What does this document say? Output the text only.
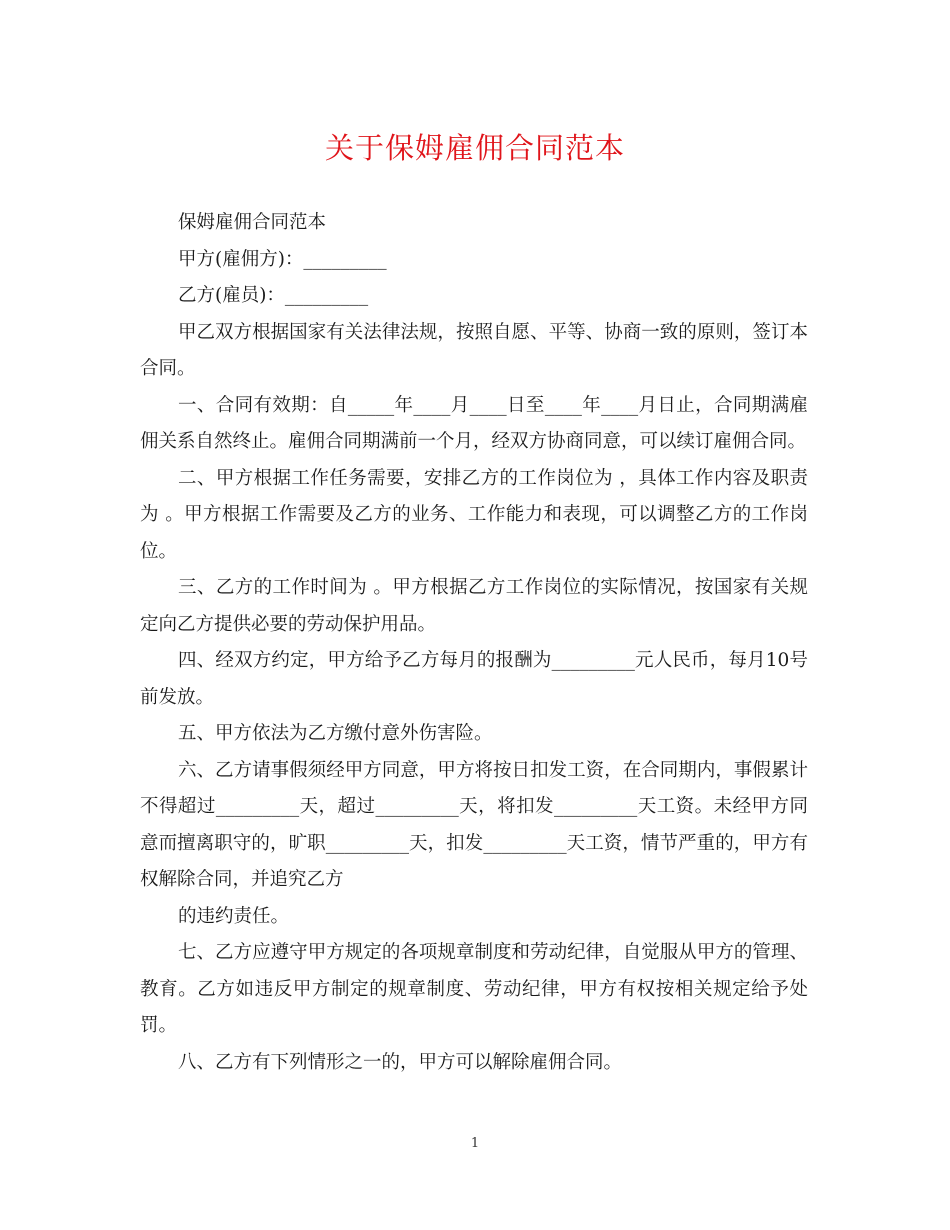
关于保姆雇佣合同范本

保姆雇佣合同范本

甲方(雇佣方)：_________

乙方(雇员)：_________

甲乙双方根据国家有关法律法规，按照自愿、平等、协商一致的原则，签订本合同。

一、合同有效期：自_____年____月____日至____年____月日止，合同期满雇佣关系自然终止。雇佣合同期满前一个月，经双方协商同意，可以续订雇佣合同。

二、甲方根据工作任务需要，安排乙方的工作岗位为 ，具体工作内容及职责为 。甲方根据工作需要及乙方的业务、工作能力和表现，可以调整乙方的工作岗位。

三、乙方的工作时间为 。甲方根据乙方工作岗位的实际情况，按国家有关规定向乙方提供必要的劳动保护用品。

四、经双方约定，甲方给予乙方每月的报酬为_________元人民币，每月10号前发放。

五、甲方依法为乙方缴付意外伤害险。

六、乙方请事假须经甲方同意，甲方将按日扣发工资，在合同期内，事假累计不得超过_________天，超过_________天，将扣发_________天工资。未经甲方同意而擅离职守的，旷职_________天，扣发_________天工资，情节严重的，甲方有权解除合同，并追究乙方

的违约责任。

七、乙方应遵守甲方规定的各项规章制度和劳动纪律，自觉服从甲方的管理、教育。乙方如违反甲方制定的规章制度、劳动纪律，甲方有权按相关规定给予处罚。

八、乙方有下列情形之一的，甲方可以解除雇佣合同。

1
